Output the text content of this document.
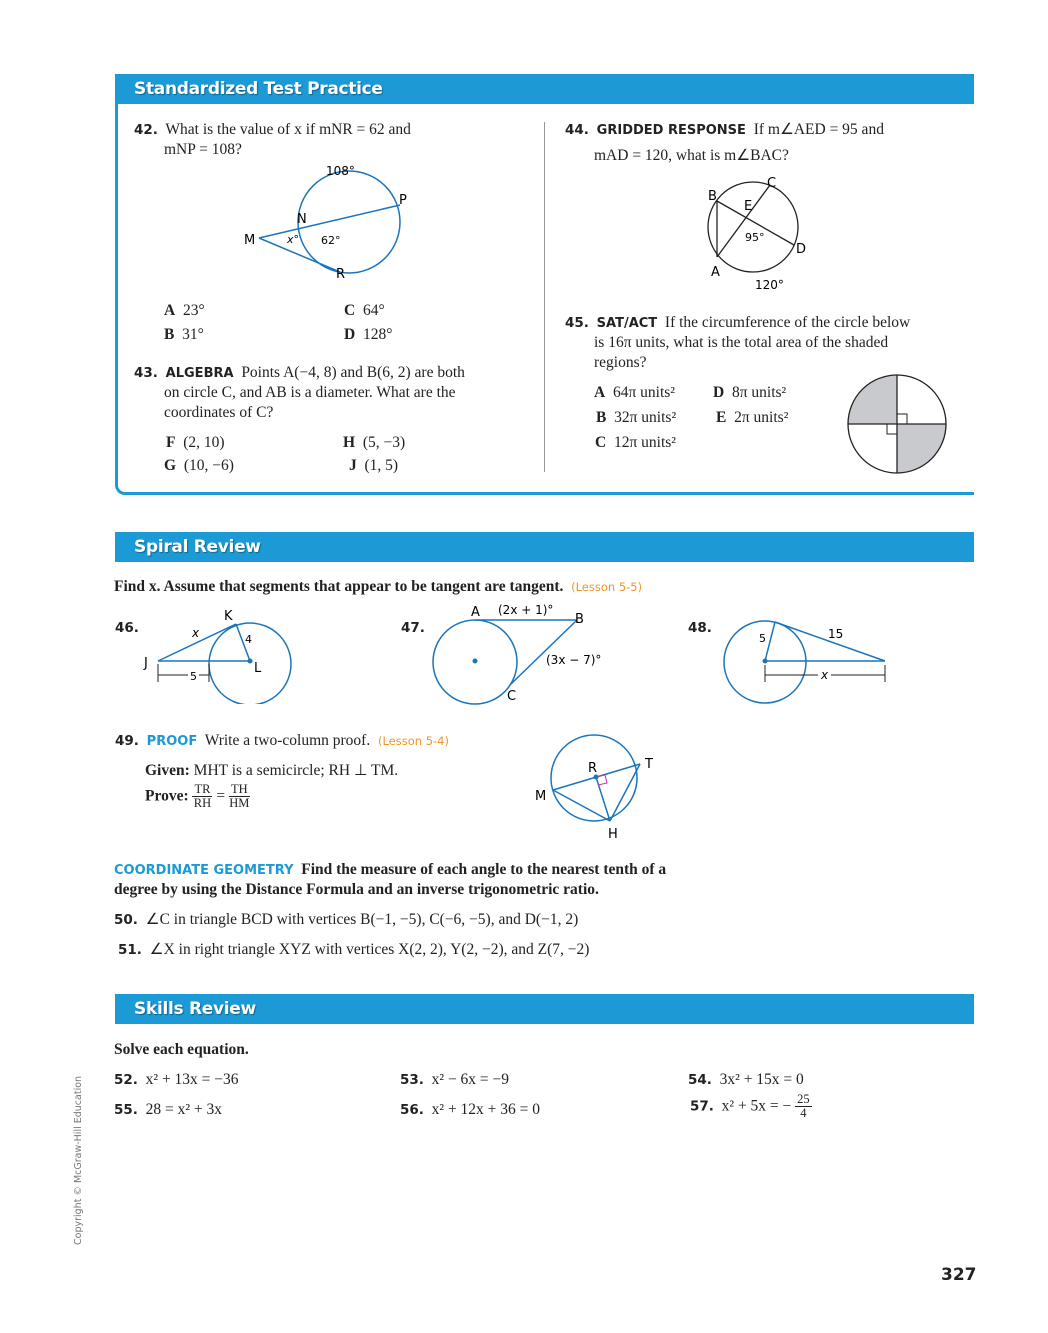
Standardized Test Practice
42. What is the value of x if mNR = 62 and
mNP = 108?
108°
P
N
M	x° 62°
R
A 23°	C 64°
B 31°	D 128°
43. ALGEBRA Points A(−4, 8) and B(6, 2) are both
on circle C, and AB is a diameter. What are the
coordinates of C?
F (2, 10)	H (5, −3)
G (10, −6)	J (1, 5)
44. GRIDDED RESPONSE If m∠AED = 95 and
mAD = 120, what is m∠BAC?
B
C
E
95°
D
A
120°
45. SAT/ACT If the circumference of the circle below
is 16π units, what is the total area of the shaded
regions?
A 64π units² D 8π units²
B 32π units²	E 2π units²
C 12π units²
Spiral Review
Find x. Assume that segments that appear to be tangent are tangent. (Lesson 5-5)
46.
K
x	4
J	L
5
47.
A (2x + 1)°
B
(3x − 7)°
C
48.
5	15
x
49. PROOF Write a two-column proof. (Lesson 5-4)
Given: MHT is a semicircle; RH ⊥ TM.
Prove: $\frac{TR}{RH} = \frac{TH}{HM}$
R	T
M
H
COORDINATE GEOMETRY Find the measure of each angle to the nearest tenth of a
degree by using the Distance Formula and an inverse trigonometric ratio.
50. ∠C in triangle BCD with vertices B(−1, −5), C(−6, −5), and D(−1, 2)
51. ∠X in right triangle XYZ with vertices X(2, 2), Y(2, −2), and Z(7, −2)
Skills Review
Solve each equation.
52. x² + 13x = −36	53. x² − 6x = −9	54. 3x² + 15x = 0
55. 28 = x² + 3x	56. x² + 12x + 36 = 0	57. x² + 5x = − $\frac{25}{4}$
Copyright © McGraw-Hill Education
327
